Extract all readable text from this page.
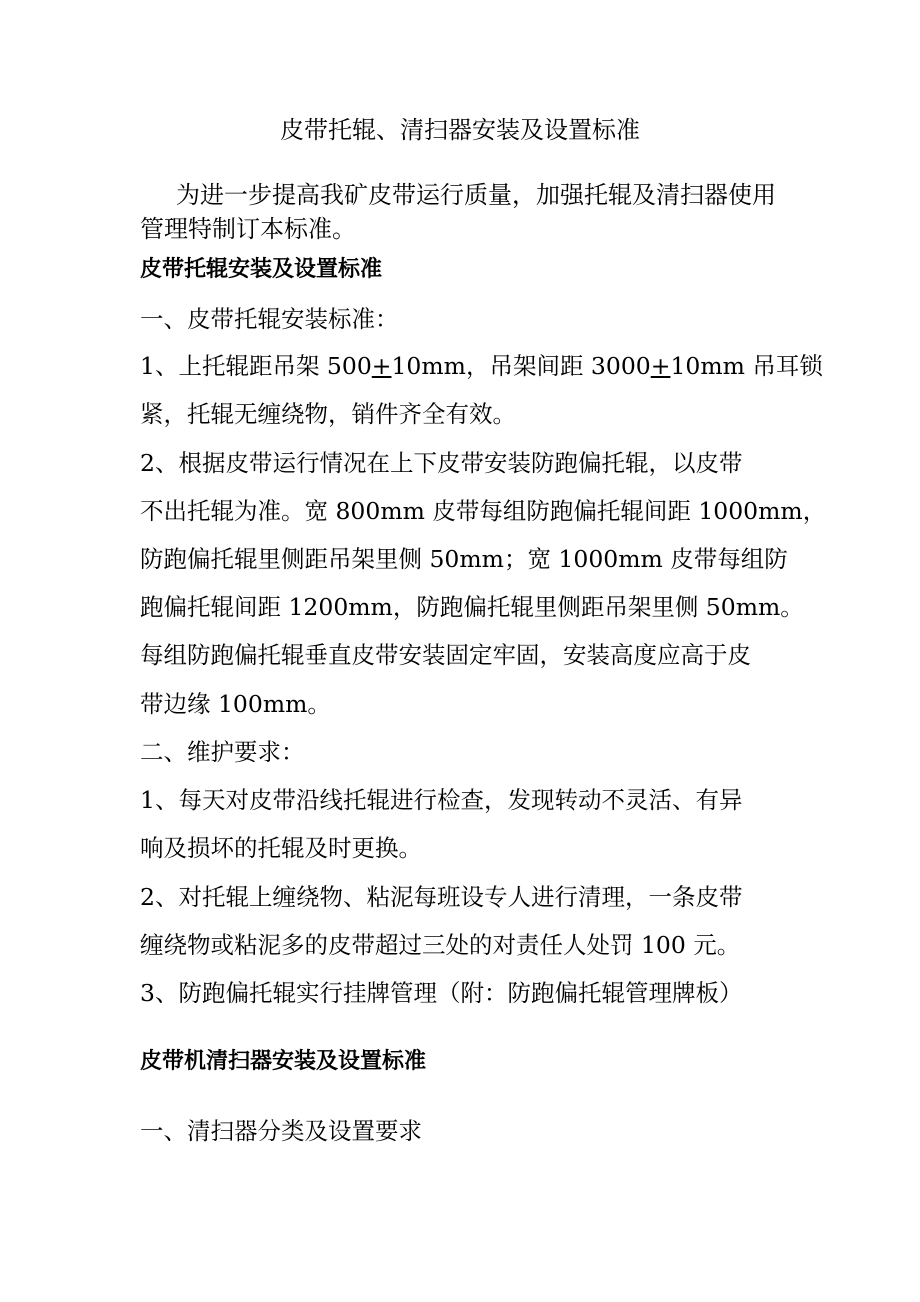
皮带托辊、清扫器安装及设置标准

为进一步提高我矿皮带运行质量，加强托辊及清扫器使用管理特制订本标准。

皮带托辊安装及设置标准
一、皮带托辊安装标准：
1、上托辊距吊架 500+10mm，吊架间距 3000+10mm 吊耳锁
紧，托辊无缠绕物，销件齐全有效。
2、根据皮带运行情况在上下皮带安装防跑偏托辊，以皮带
不出托辊为准。宽 800mm 皮带每组防跑偏托辊间距 1000mm，
防跑偏托辊里侧距吊架里侧 50mm；宽 1000mm 皮带每组防
跑偏托辊间距 1200mm，防跑偏托辊里侧距吊架里侧 50mm。
每组防跑偏托辊垂直皮带安装固定牢固，安装高度应高于皮
带边缘 100mm。
二、维护要求：
1、每天对皮带沿线托辊进行检查，发现转动不灵活、有异
响及损坏的托辊及时更换。
2、对托辊上缠绕物、粘泥每班设专人进行清理，一条皮带
缠绕物或粘泥多的皮带超过三处的对责任人处罚 100 元。
3、防跑偏托辊实行挂牌管理（附：防跑偏托辊管理牌板）
皮带机清扫器安装及设置标准
一、清扫器分类及设置要求
